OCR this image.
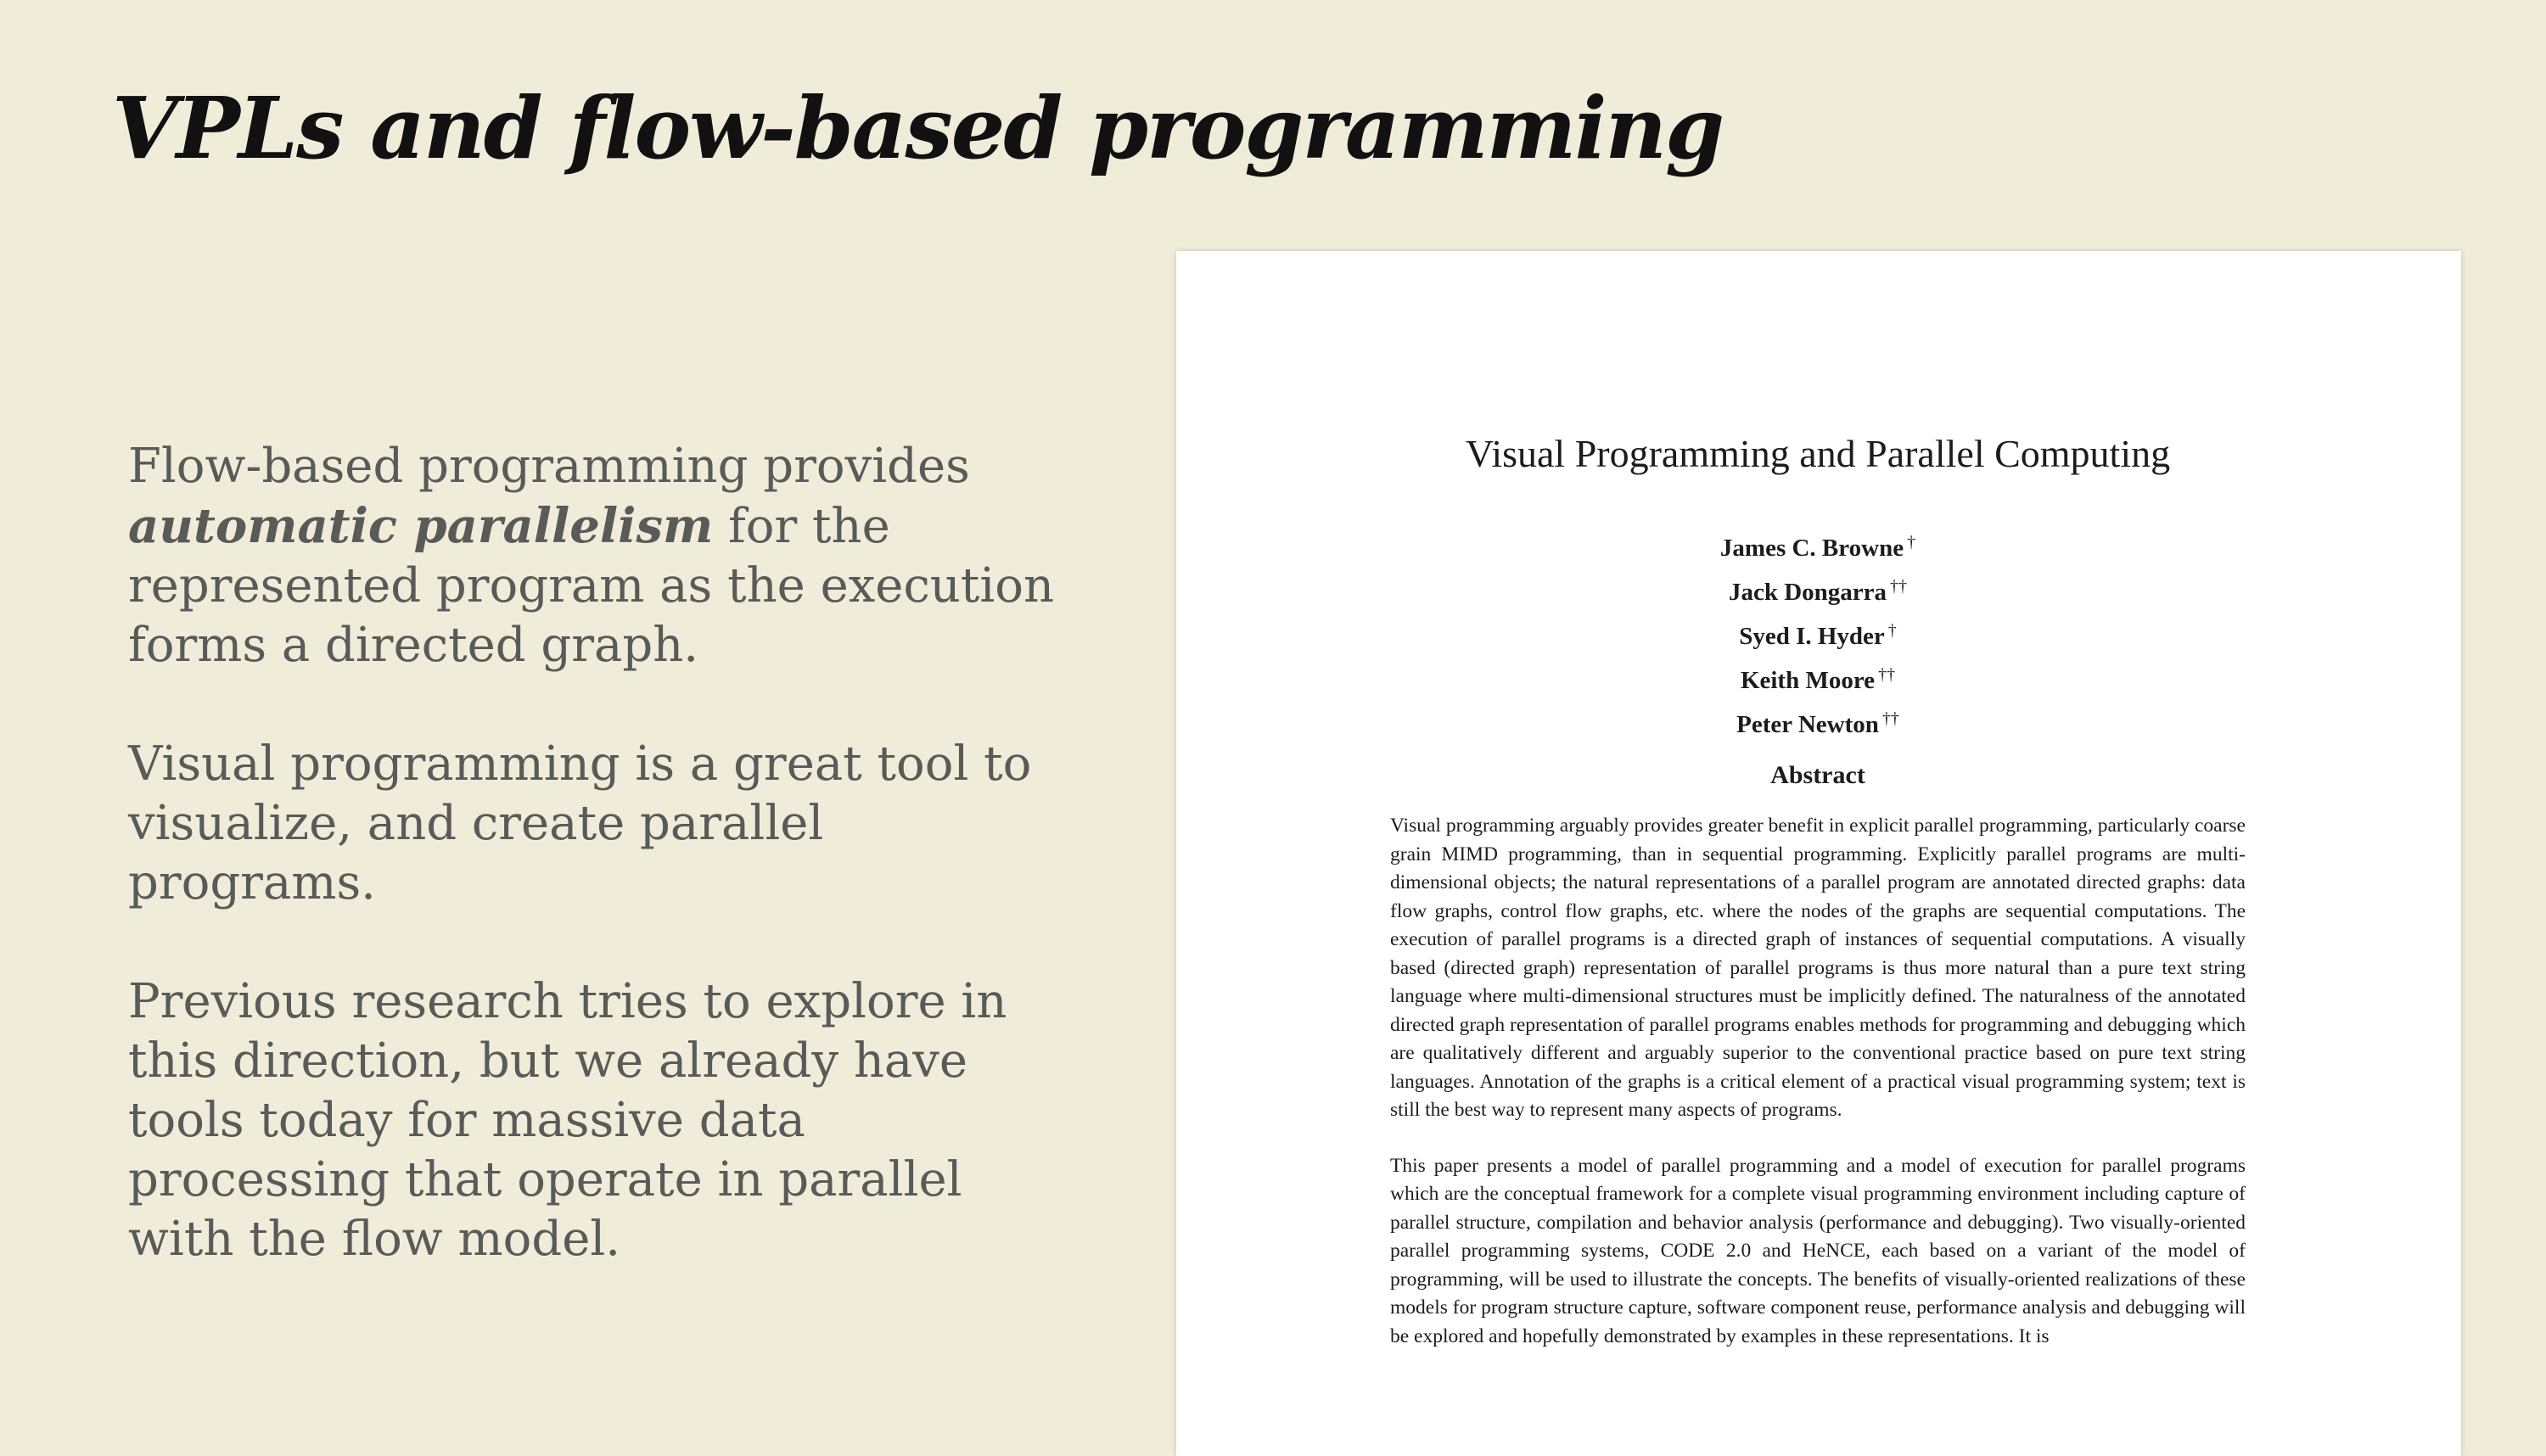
VPLs and flow-based programming

Flow-based programming provides automatic parallelism for the represented program as the execution forms a directed graph.

Visual programming is a great tool to visualize, and create parallel programs.

Previous research tries to explore in this direction, but we already have tools today for massive data processing that operate in parallel with the flow model.

Visual Programming and Parallel Computing
James C. Browne †
Jack Dongarra ††
Syed I. Hyder †
Keith Moore ††
Peter Newton ††
Abstract

Visual programming arguably provides greater benefit in explicit parallel programming, particularly coarse grain MIMD programming, than in sequential programming. Explicitly parallel programs are multi-dimensional objects; the natural representations of a parallel program are annotated directed graphs: data flow graphs, control flow graphs, etc. where the nodes of the graphs are sequential computations. The execution of parallel programs is a directed graph of instances of sequential computations. A visually based (directed graph) representation of parallel programs is thus more natural than a pure text string language where multi-dimensional structures must be implicitly defined. The naturalness of the annotated directed graph representation of parallel programs enables methods for programming and debugging which are qualitatively different and arguably superior to the conventional practice based on pure text string languages. Annotation of the graphs is a critical element of a practical visual programming system; text is still the best way to represent many aspects of programs.

This paper presents a model of parallel programming and a model of execution for parallel programs which are the conceptual framework for a complete visual programming environment including capture of parallel structure, compilation and behavior analysis (performance and debugging). Two visually-oriented parallel programming systems, CODE 2.0 and HeNCE, each based on a variant of the model of programming, will be used to illustrate the concepts. The benefits of visually-oriented realizations of these models for program structure capture, software component reuse, performance analysis and debugging will be explored and hopefully demonstrated by examples in these representations. It is
